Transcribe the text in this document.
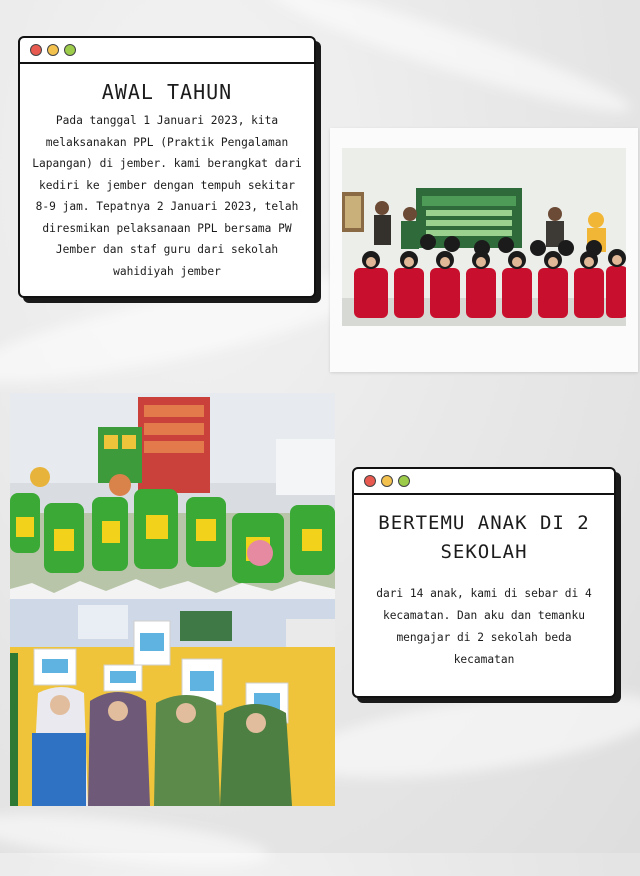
AWAL TAHUN

Pada tanggal 1 Januari 2023, kita melaksanakan PPL (Praktik Pengalaman Lapangan) di jember. kami berangkat dari kediri ke jember dengan tempuh sekitar 8-9 jam. Tepatnya 2 Januari 2023, telah diresmikan pelaksanaan PPL bersama PW Jember dan staf guru dari sekolah wahidiyah jember

BERTEMU ANAK DI 2 SEKOLAH

dari 14 anak, kami di sebar di 4 kecamatan. Dan aku dan temanku mengajar di 2 sekolah beda kecamatan
